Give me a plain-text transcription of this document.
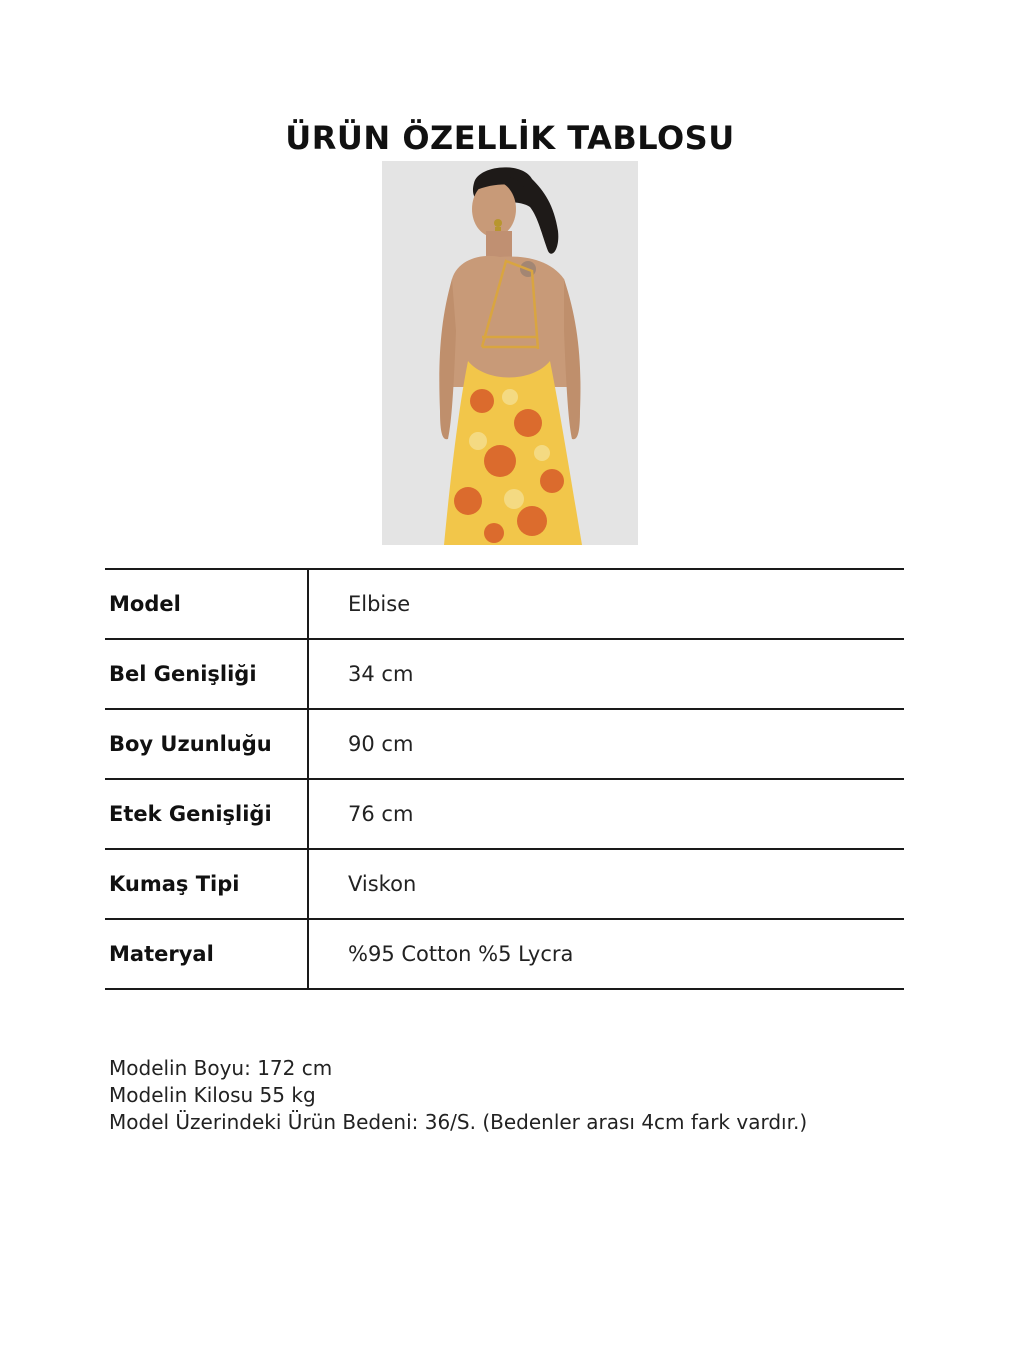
ÜRÜN ÖZELLİK TABLOSU
Model	Elbise
Bel Genişliği	34 cm
Boy Uzunluğu	90 cm
Etek Genişliği	76 cm
Kumaş Tipi	Viskon
Materyal	%95 Cotton %5 Lycra
Modelin Boyu: 172 cm
Modelin Kilosu 55 kg
Model Üzerindeki Ürün Bedeni: 36/S. (Bedenler arası 4cm fark vardır.)
